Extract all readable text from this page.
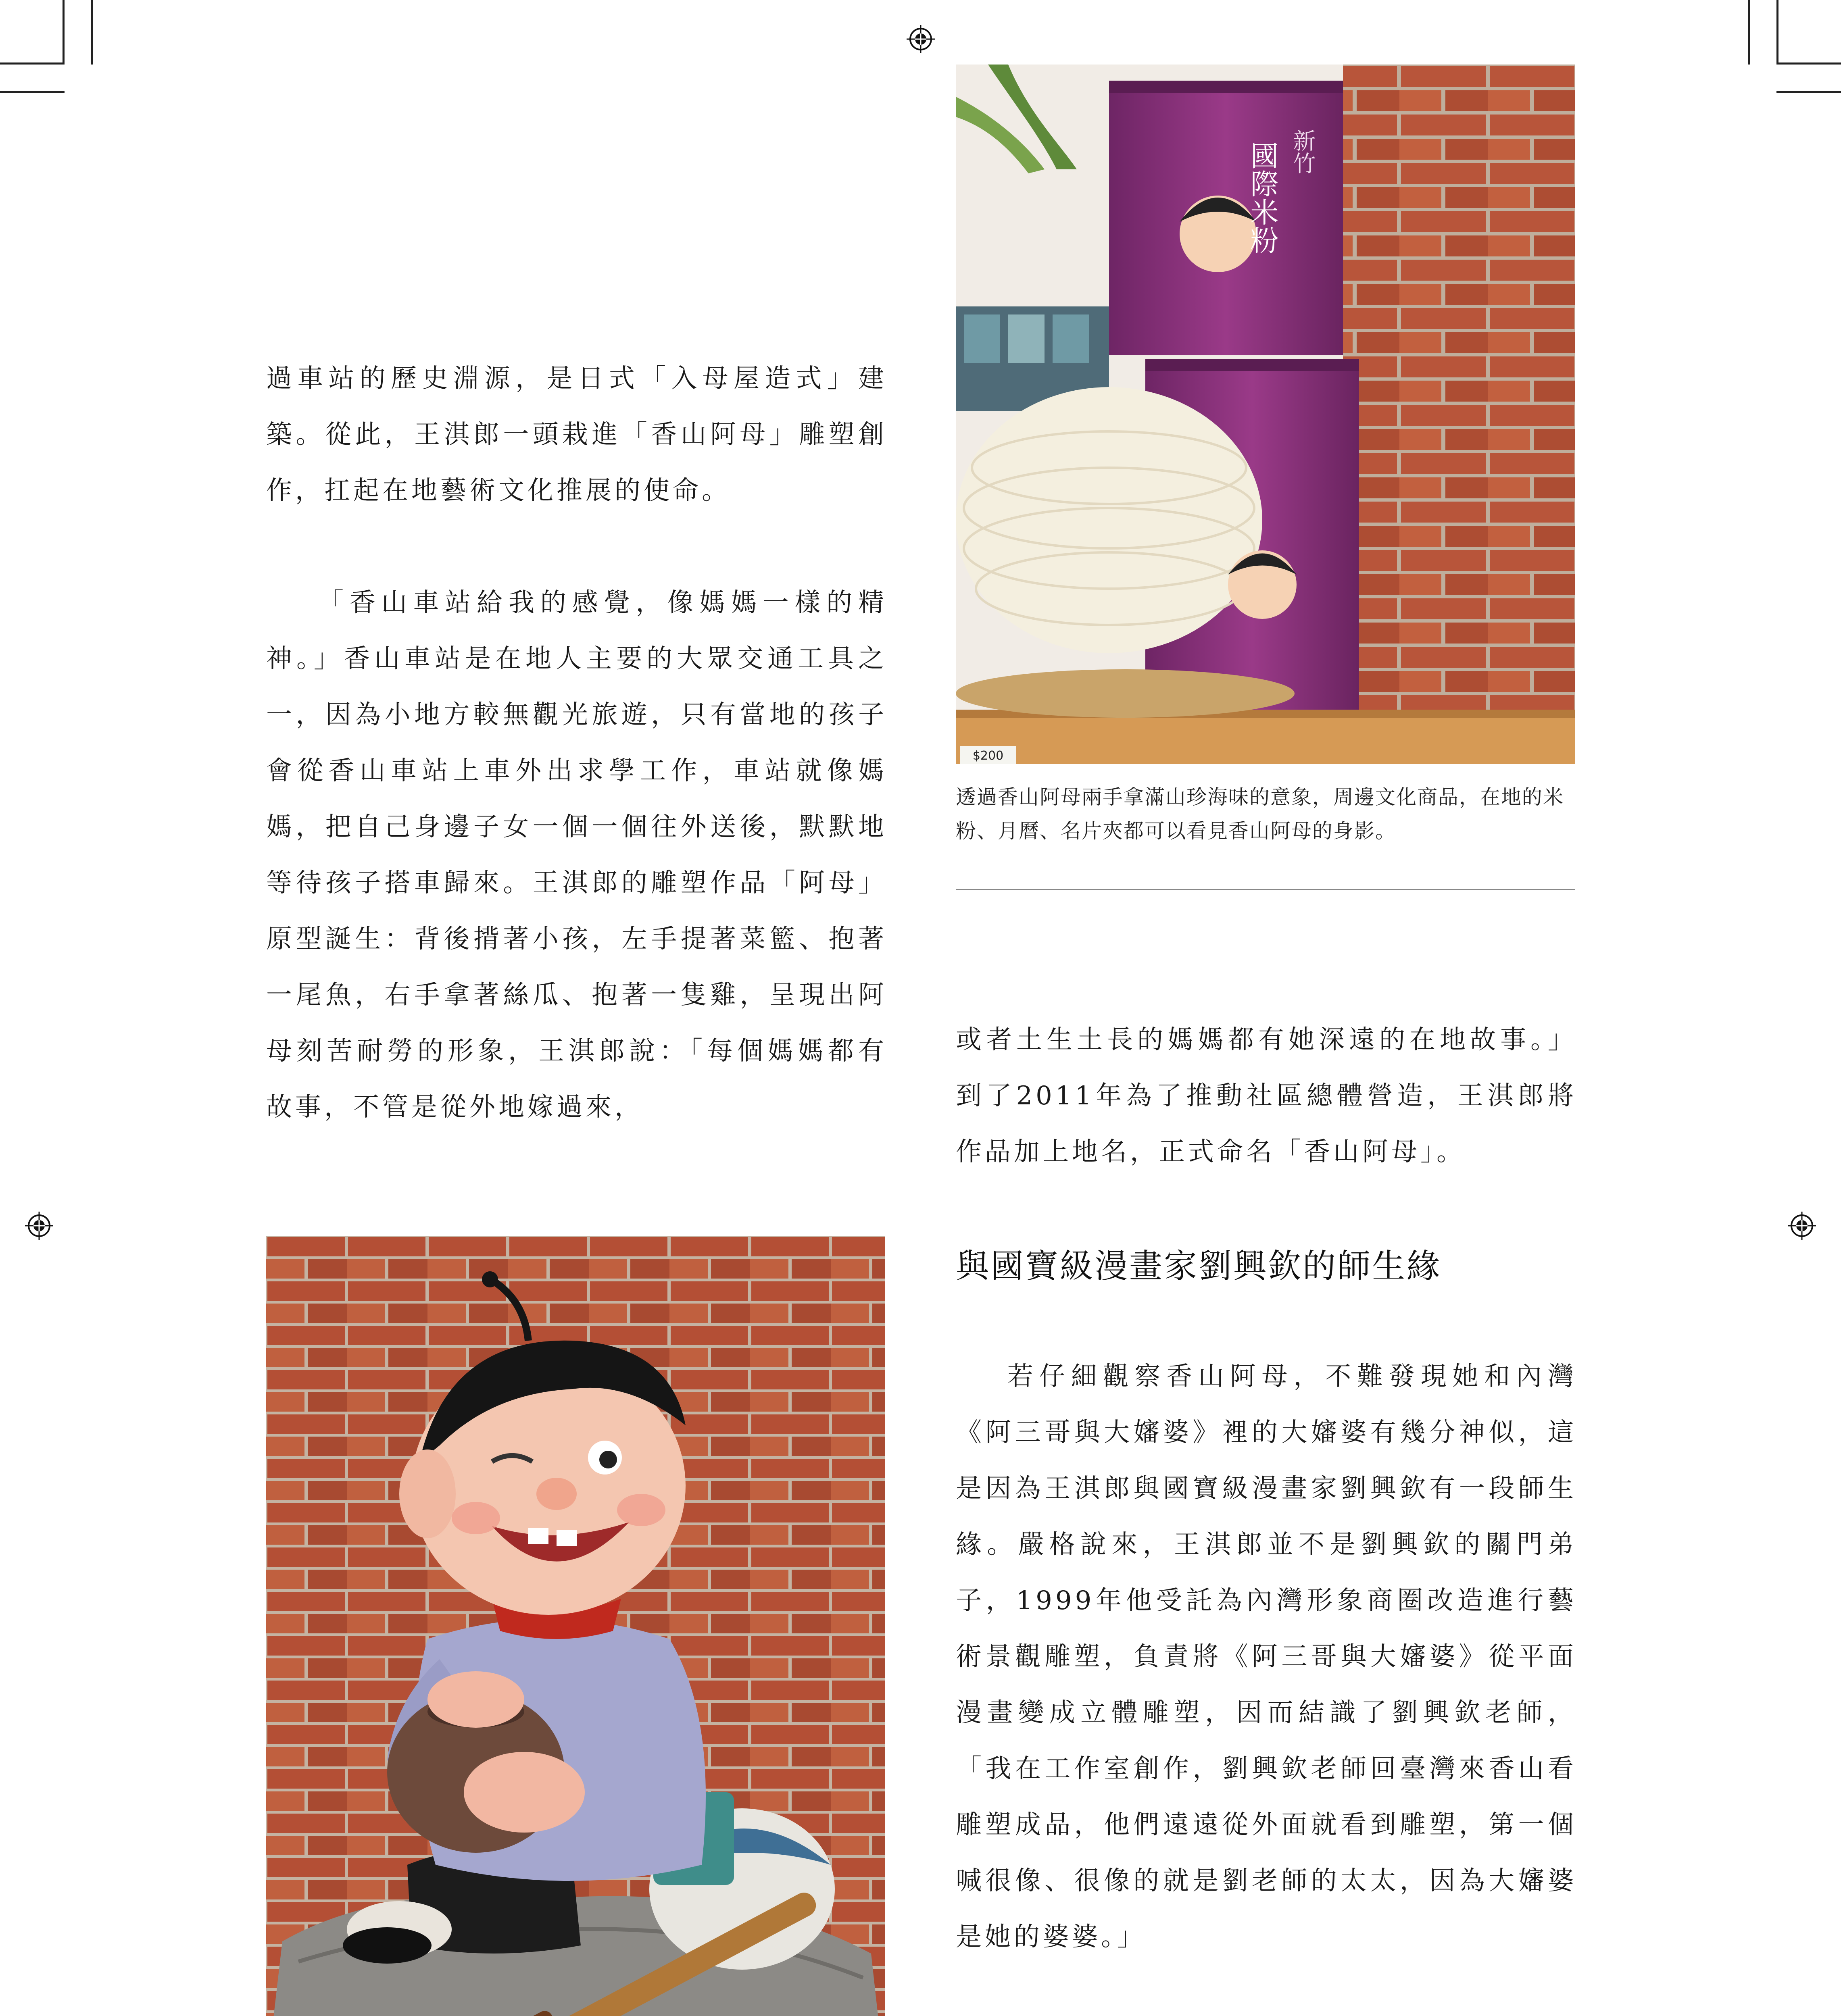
過車站的歷史淵源，是日式「入母屋造式」建築。從此，王淇郎一頭栽進「香山阿母」雕塑創作，扛起在地藝術文化推展的使命。

「香山車站給我的感覺，像媽媽一樣的精神。」香山車站是在地人主要的大眾交通工具之一，因為小地方較無觀光旅遊，只有當地的孩子會從香山車站上車外出求學工作，車站就像媽媽，把自己身邊子女一個一個往外送後，默默地等待孩子搭車歸來。王淇郎的雕塑作品「阿母」原型誕生：背後揹著小孩，左手提著菜籃、抱著一尾魚，右手拿著絲瓜、抱著一隻雞，呈現出阿母刻苦耐勞的形象，王淇郎說：「每個媽媽都有故事，不管是從外地嫁過來，

$200
新竹
國際米粉
透過香山阿母兩手拿滿山珍海味的意象，周邊文化商品，在地的米粉、月曆、名片夾都可以看見香山阿母的身影。

或者土生土長的媽媽都有她深遠的在地故事。」到了2011年為了推動社區總體營造，王淇郎將作品加上地名，正式命名「香山阿母」。

與國寶級漫畫家劉興欽的師生緣

若仔細觀察香山阿母，不難發現她和內灣《阿三哥與大嬸婆》裡的大嬸婆有幾分神似，這是因為王淇郎與國寶級漫畫家劉興欽有一段師生緣。嚴格說來，王淇郎並不是劉興欽的關門弟子，1999年他受託為內灣形象商圈改造進行藝術景觀雕塑，負責將《阿三哥與大嬸婆》從平面漫畫變成立體雕塑，因而結識了劉興欽老師，「我在工作室創作，劉興欽老師回臺灣來香山看雕塑成品，他們遠遠從外面就看到雕塑，第一個喊很像、很像的就是劉老師的太太，因為大嬸婆是她的婆婆。」
